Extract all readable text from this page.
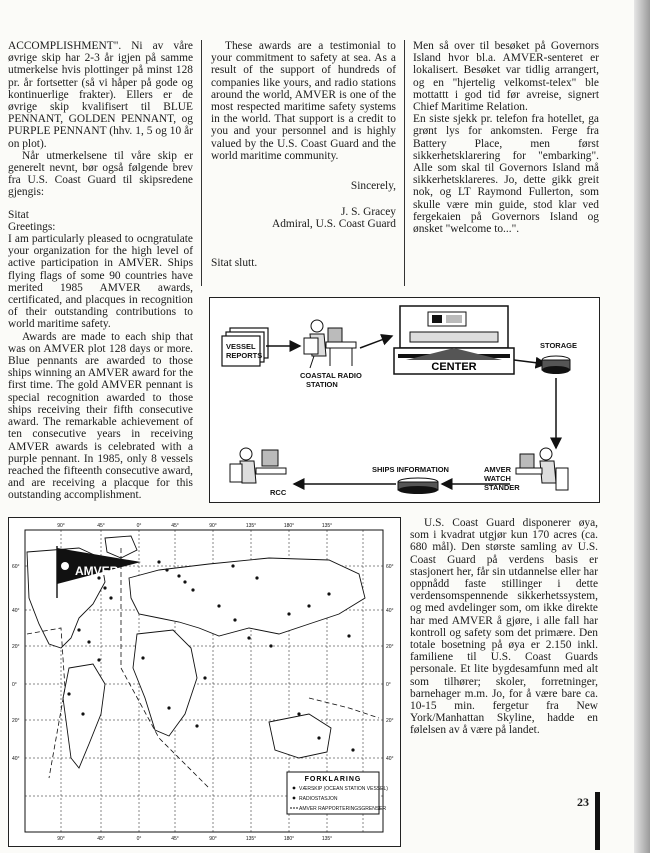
ACCOMPLISHMENT". Ni av våre øvrige skip har 2-3 år igjen på samme utmerkelse hvis plottinger på minst 128 pr. år fortsetter (så vi håper på gode og kontinuerlige frakter). Ellers er de øvrige skip kvalifisert til BLUE PENNANT, GOLDEN PENNANT, og PURPLE PENNANT (hhv. 1, 5 og 10 år on plot).

Når utmerkelsene til våre skip er generelt nevnt, bør også følgende brev fra U.S. Coast Guard til skipsredene gjengis:

Sitat

Greetings:

I am particularly pleased to ocngratulate your organization for the high level of active participation in AMVER. Ships flying flags of some 90 countries have merited 1985 AMVER awards, certificated, and placques in recognition of their outstanding contributions to world maritime safety.

Awards are made to each ship that was on AMVER plot 128 days or more. Blue pennants are awarded to those ships winning an AMVER award for the first time. The gold AMVER pennant is special recognition awarded to those ships receiving their fifth consecutive award. The remarkable achievement of ten consecutive years in receiving AMVER awards is celebrated with a purple pennant. In 1985, only 8 vessels reached the fifteenth consecutive award, and are receiving a placque for this outstanding accomplishment.

These awards are a testimonial to your commitment to safety at sea. As a result of the support of hundreds of companies like yours, and radio stations around the world, AMVER is one of the most respected maritime safety systems in the world. That support is a credit to you and your personnel and is highly valued by the U.S. Coast Guard and the world maritime community.

Sincerely,

J. S. Gracey

Admiral, U.S. Coast Guard

Sitat slutt.

Men så over til besøket på Governors Island hvor bl.a. AMVER-senteret er lokalisert. Besøket var tidlig arrangert, og en "hjertelig velkomst-telex" ble mottattt i god tid før avreise, signert Chief Maritime Relation.

En siste sjekk pr. telefon fra hotellet, ga grønt lys for ankomsten. Ferge fra Battery Place, men først sikkerhetsklarering for "embarking". Alle som skal til Governors Island må sikkerhetsklareres. Jo, dette gikk greit nok, og LT Raymond Fullerton, som skulle være min guide, stod klar ved fergekaien på Governors Island og ønsket "welcome to...".

VESSEL
REPORTS
COASTAL RADIO
STATION
CENTER
STORAGE
AMVER
WATCH
STANDER
SHIPS INFORMATION
RCC
AMVER
60°
40°
20°
0°
20°
40°
60°
40°
20°
0°
20°
40°
90°	45°	0°	45°	90°	135°	180°	135°
90°	45°	0°	45°	90°	135°	180°	135°
FORKLARING
VÆRSKIP (OCEAN STATION VESSEL)
RADIOSTASJON
AMVER RAPPORTERINGSGRENSER

U.S. Coast Guard disponerer øya, som i kvadrat utgjør kun 170 acres (ca. 680 mål). Den største samling av U.S. Coast Guard på verdens basis er stasjonert her, får sin utdannelse eller har oppnådd faste stillinger i dette verdensomspennende sikkerhetssystem, og med avdelinger som, om ikke direkte har med AMVER å gjøre, i alle fall har kontroll og safety som det primære. Den totale bosetning på øya er 2.150 inkl. familiene til U.S. Coast Guards personale. Et lite bygdesamfunn med alt som tilhører; skoler, forretninger, barnehager m.m. Jo, for å være bare ca. 10-15 min. fergetur fra New York/Manhattan Skyline, hadde en følelsen av å være på landet.

23
